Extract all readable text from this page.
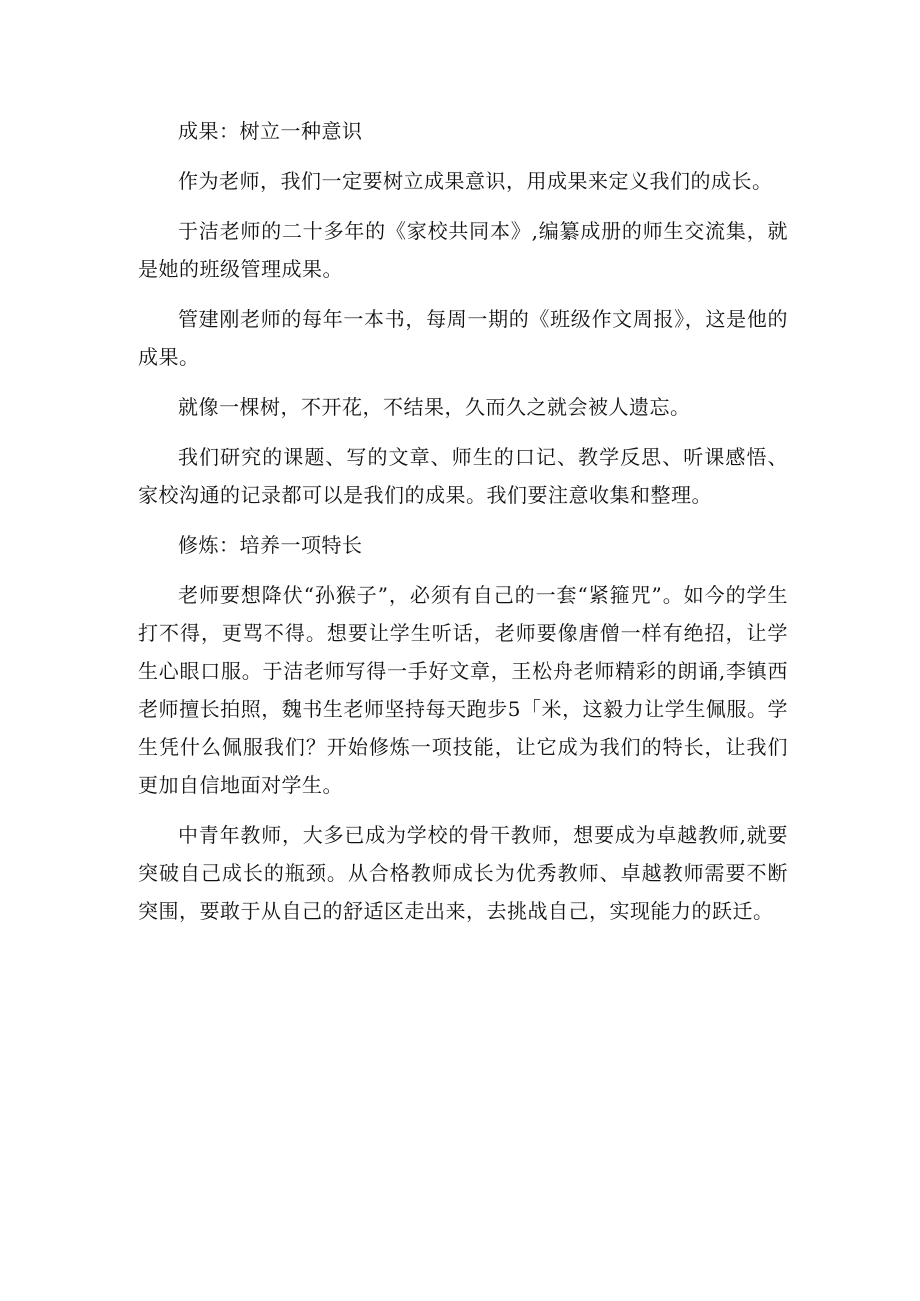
成果：树立一种意识

作为老师，我们一定要树立成果意识，用成果来定义我们的成长。

于洁老师的二十多年的《家校共同本》,编纂成册的师生交流集，就是她的班级管理成果。

管建刚老师的每年一本书，每周一期的《班级作文周报》，这是他的成果。

就像一棵树，不开花，不结果，久而久之就会被人遗忘。

我们研究的课题、写的文章、师生的口记、教学反思、听课感悟、家校沟通的记录都可以是我们的成果。我们要注意收集和整理。

修炼：培养一项特长

老师要想降伏“孙猴子”，必须有自己的一套“紧箍咒”。如今的学生打不得，更骂不得。想要让学生听话，老师要像唐僧一样有绝招，让学生心眼口服。于洁老师写得一手好文章，王松舟老师精彩的朗诵,李镇西老师擅长拍照，魏书生老师坚持每天跑步5「米，这毅力让学生佩服。学生凭什么佩服我们？开始修炼一项技能，让它成为我们的特长，让我们更加自信地面对学生。

中青年教师，大多已成为学校的骨干教师，想要成为卓越教师,就要突破自己成长的瓶颈。从合格教师成长为优秀教师、卓越教师需要不断突围，要敢于从自己的舒适区走出来，去挑战自己，实现能力的跃迁。
